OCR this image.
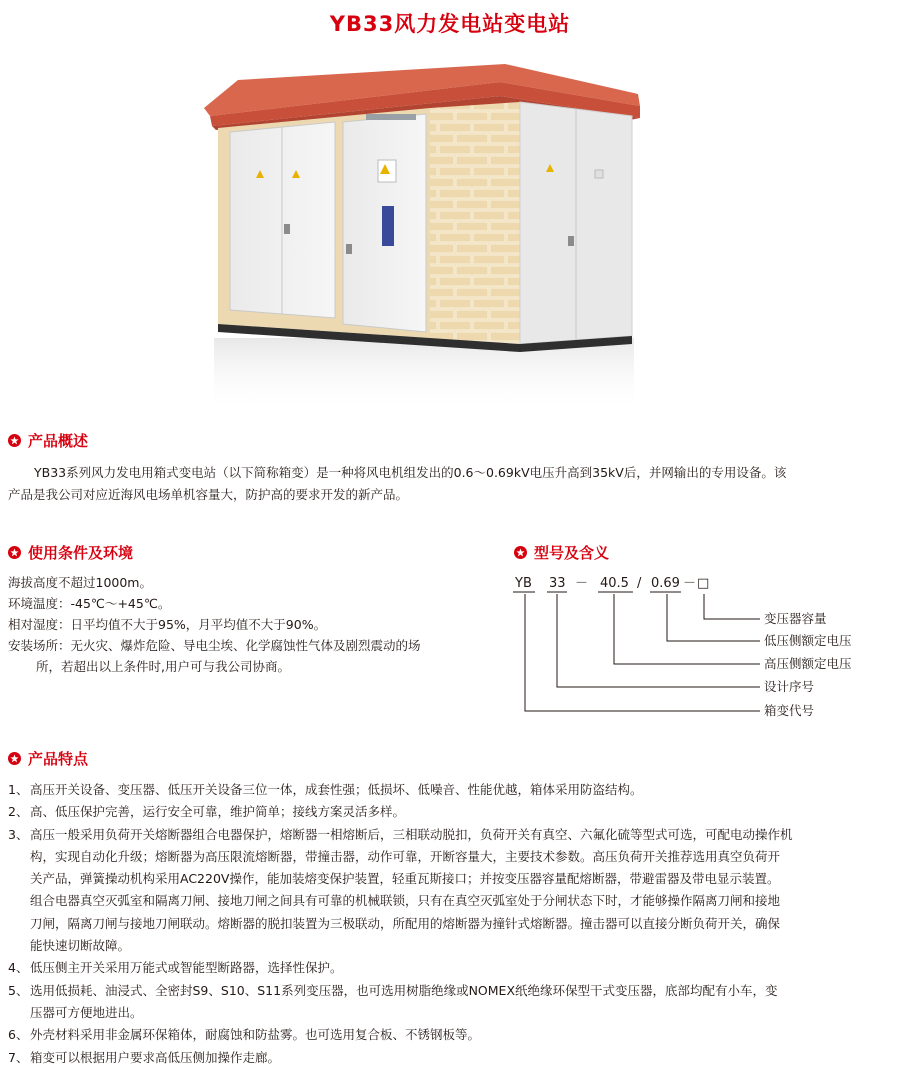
YB33风力发电站变电站
产品概述
YB33系列风力发电用箱式变电站（以下简称箱变）是一种将风电机组发出的0.6～0.69kV电压升高到35kV后，并网输出的专用设备。该
产品是我公司对应近海风电场单机容量大，防护高的要求开发的新产品。
使用条件及环境
海拔高度不超过1000m。
环境温度：-45℃～+45℃。
相对湿度：日平均值不大于95%，月平均值不大于90%。
安装场所：无火灾、爆炸危险、导电尘埃、化学腐蚀性气体及剧烈震动的场
所，若超出以上条件时,用户可与我公司协商。
型号及含义
YB 33 － 40.5 / 0.69 － □
变压器容量
低压侧额定电压
高压侧额定电压
设计序号
箱变代号
产品特点
1、 高压开关设备、变压器、低压开关设备三位一体，成套性强；低损坏、低噪音、性能优越，箱体采用防盗结构。
2、 高、低压保护完善，运行安全可靠，维护简单；接线方案灵活多样。
3、 高压一般采用负荷开关熔断器组合电器保护，熔断器一相熔断后，三相联动脱扣，负荷开关有真空、六氟化硫等型式可选，可配电动操作机
构，实现自动化升级；熔断器为高压限流熔断器，带撞击器，动作可靠，开断容量大，主要技术参数。高压负荷开关推荐选用真空负荷开
关产品，弹簧操动机构采用AC220V操作，能加装熔变保护装置，轻重瓦斯接口；并按变压器容量配熔断器，带避雷器及带电显示装置。
组合电器真空灭弧室和隔离刀闸、接地刀闸之间具有可靠的机械联锁，只有在真空灭弧室处于分闸状态下时，才能够操作隔离刀闸和接地
刀闸，隔离刀闸与接地刀闸联动。熔断器的脱扣装置为三极联动，所配用的熔断器为撞针式熔断器。撞击器可以直接分断负荷开关，确保
能快速切断故障。
4、 低压侧主开关采用万能式或智能型断路器，选择性保护。
5、 选用低损耗、油浸式、全密封S9、S10、S11系列变压器，也可选用树脂绝缘或NOMEX纸绝缘环保型干式变压器，底部均配有小车，变
压器可方便地进出。
6、 外壳材料采用非金属环保箱体，耐腐蚀和防盐雾。也可选用复合板、不锈钢板等。
7、 箱变可以根据用户要求高低压侧加操作走廊。
